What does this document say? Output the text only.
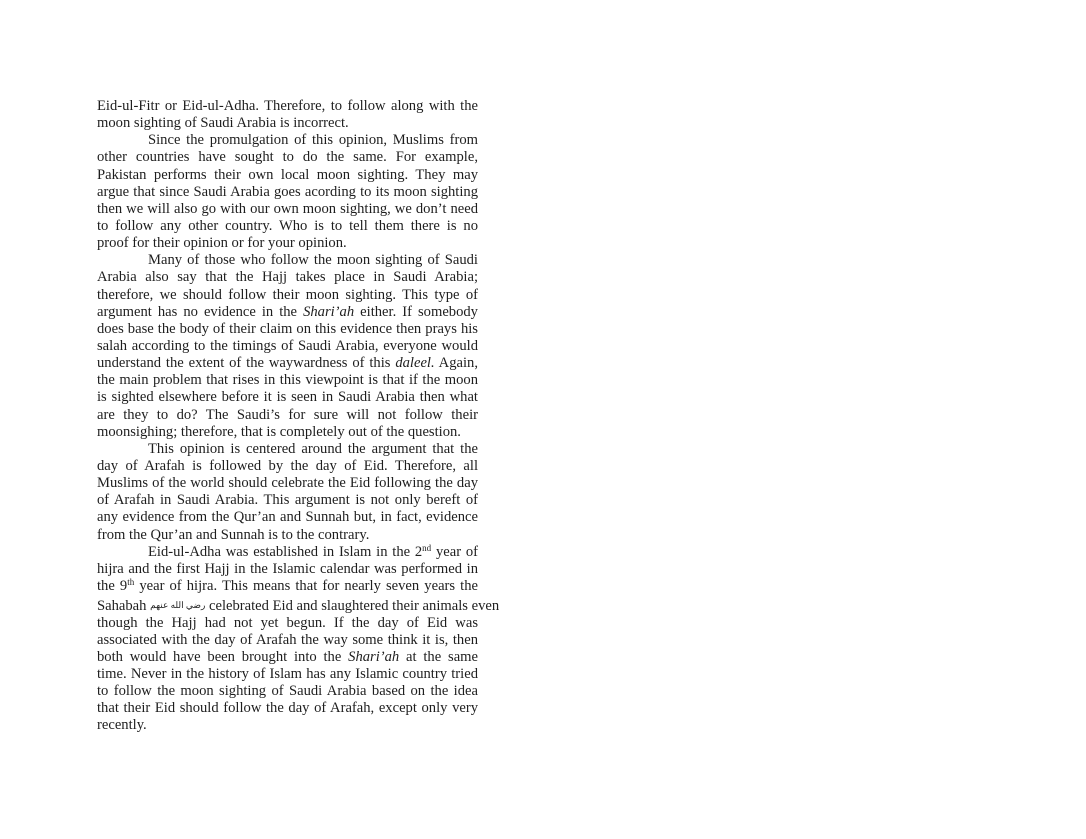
Eid-ul-Fitr or Eid-ul-Adha. Therefore, to follow along with the
moon sighting of Saudi Arabia is incorrect.
Since the promulgation of this opinion, Muslims from
other countries have sought to do the same. For example,
Pakistan performs their own local moon sighting. They may
argue that since Saudi Arabia goes acording to its moon sighting
then we will also go with our own moon sighting, we don’t need
to follow any other country. Who is to tell them there is no
proof for their opinion or for your opinion.
Many of those who follow the moon sighting of Saudi
Arabia also say that the Hajj takes place in Saudi Arabia;
therefore, we should follow their moon sighting. This type of
argument has no evidence in the Shari’ah either. If somebody
does base the body of their claim on this evidence then prays his
salah according to the timings of Saudi Arabia, everyone would
understand the extent of the waywardness of this daleel. Again,
the main problem that rises in this viewpoint is that if the moon
is sighted elsewhere before it is seen in Saudi Arabia then what
are they to do? The Saudi’s for sure will not follow their
moonsighing; therefore, that is completely out of the question.
This opinion is centered around the argument that the
day of Arafah is followed by the day of Eid. Therefore, all
Muslims of the world should celebrate the Eid following the day
of Arafah in Saudi Arabia. This argument is not only bereft of
any evidence from the Qur’an and Sunnah but, in fact, evidence
from the Qur’an and Sunnah is to the contrary.
Eid-ul-Adha was established in Islam in the 2nd year of
hijra and the first Hajj in the Islamic calendar was performed in
the 9th year of hijra. This means that for nearly seven years the
Sahabah رضي الله عنهم celebrated Eid and slaughtered their animals even
though the Hajj had not yet begun. If the day of Eid was
associated with the day of Arafah the way some think it is, then
both would have been brought into the Shari’ah at the same
time. Never in the history of Islam has any Islamic country tried
to follow the moon sighting of Saudi Arabia based on the idea
that their Eid should follow the day of Arafah, except only very
recently.
